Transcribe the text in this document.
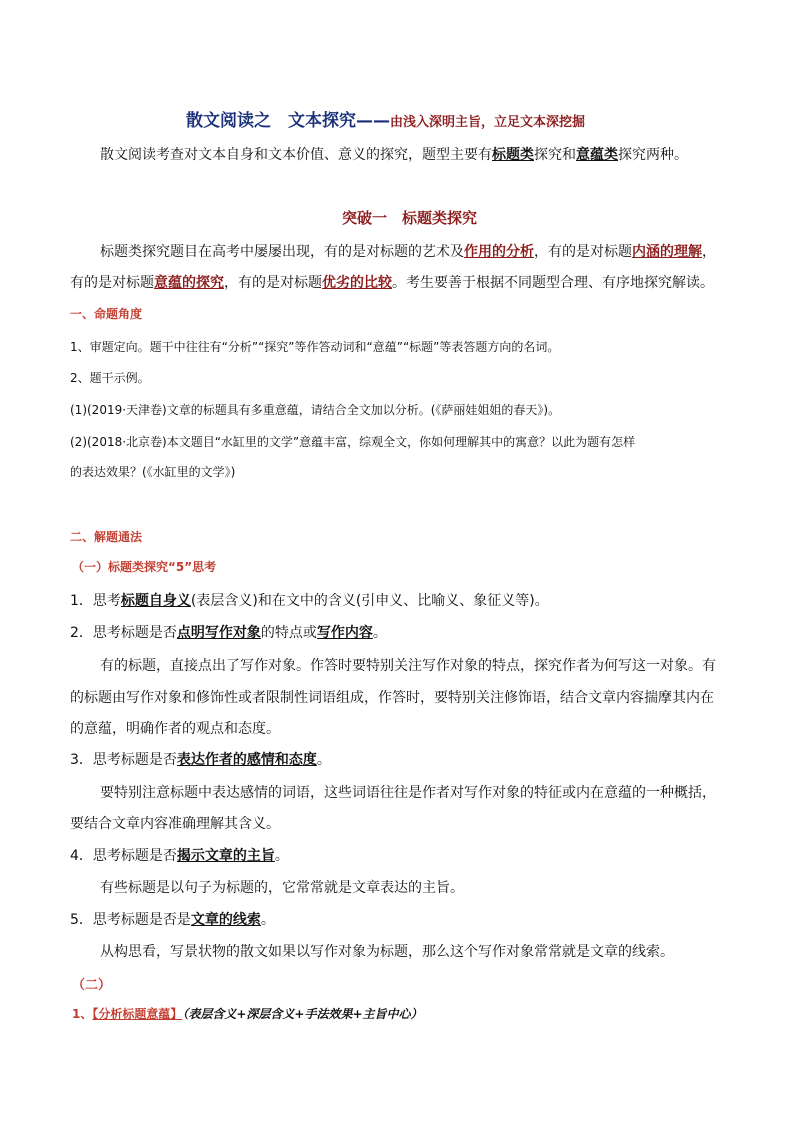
散文阅读之　文本探究——由浅入深明主旨，立足文本深挖掘
散文阅读考查对文本自身和文本价值、意义的探究，题型主要有标题类探究和意蕴类探究两种。
突破一　标题类探究
标题类探究题目在高考中屡屡出现，有的是对标题的艺术及作用的分析，有的是对标题内涵的理解，
有的是对标题意蕴的探究，有的是对标题优劣的比较。考生要善于根据不同题型合理、有序地探究解读。
一、命题角度
1、审题定向。题干中往往有“分析”“探究”等作答动词和“意蕴”“标题”等表答题方向的名词。
2、题干示例。
(1)(2019·天津卷)文章的标题具有多重意蕴，请结合全文加以分析。(《萨丽娃姐姐的春天》)。
(2)(2018·北京卷)本文题目“水缸里的文学”意蕴丰富，综观全文，你如何理解其中的寓意？以此为题有怎样
的表达效果？(《水缸里的文学》)
二、解题通法
（一）标题类探究“5”思考
1．思考标题自身义(表层含义)和在文中的含义(引申义、比喻义、象征义等)。
2．思考标题是否点明写作对象的特点或写作内容。
有的标题，直接点出了写作对象。作答时要特别关注写作对象的特点，探究作者为何写这一对象。有
的标题由写作对象和修饰性或者限制性词语组成，作答时，要特别关注修饰语，结合文章内容揣摩其内在
的意蕴，明确作者的观点和态度。
3．思考标题是否表达作者的感情和态度。
要特别注意标题中表达感情的词语，这些词语往往是作者对写作对象的特征或内在意蕴的一种概括，
要结合文章内容准确理解其含义。
4．思考标题是否揭示文章的主旨。
有些标题是以句子为标题的，它常常就是文章表达的主旨。
5．思考标题是否是文章的线索。
从构思看，写景状物的散文如果以写作对象为标题，那么这个写作对象常常就是文章的线索。
（二）
1、【分析标题意蕴】（表层含义+深层含义+手法效果+主旨中心）
